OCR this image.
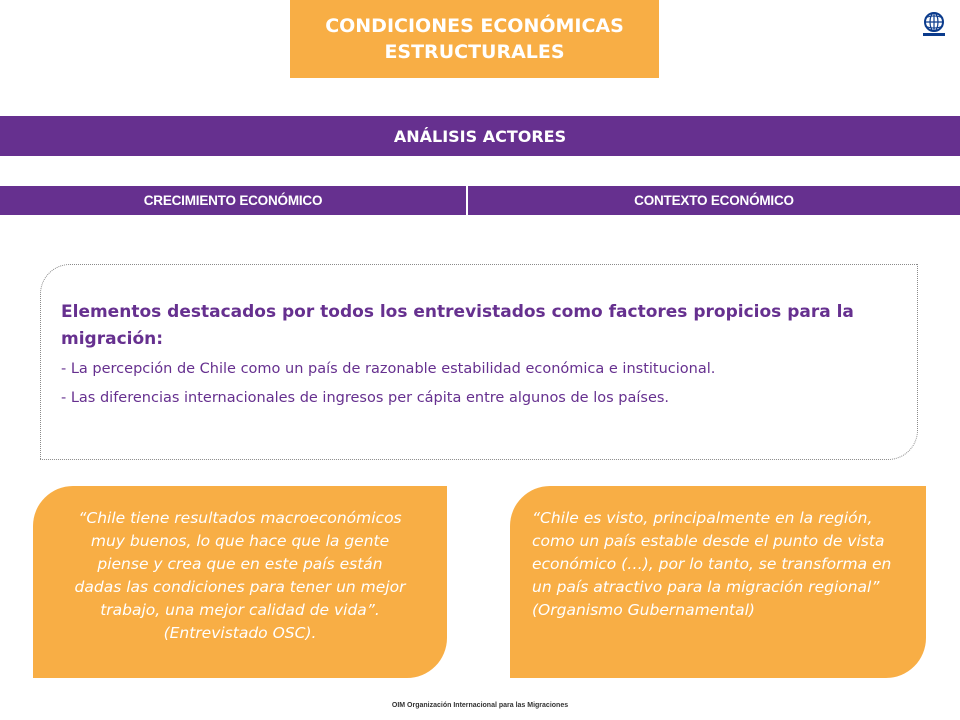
CONDICIONES ECONÓMICAS ESTRUCTURALES
ANÁLISIS ACTORES
CRECIMIENTO ECONÓMICO	CONTEXTO ECONÓMICO

Elementos destacados por todos los entrevistados como factores propicios para la migración:

- La percepción de Chile como un país de razonable estabilidad económica e institucional.

- Las diferencias internacionales de ingresos per cápita entre algunos de los países.

“Chile tiene resultados macroeconómicos muy buenos, lo que hace que la gente piense y crea que en este país están dadas las condiciones para tener un mejor trabajo, una mejor calidad de vida”. (Entrevistado OSC).
“Chile es visto, principalmente en la región, como un país estable desde el punto de vista económico (…), por lo tanto, se transforma en un país atractivo para la migración regional” (Organismo Gubernamental)
OIM Organización Internacional para las Migraciones
